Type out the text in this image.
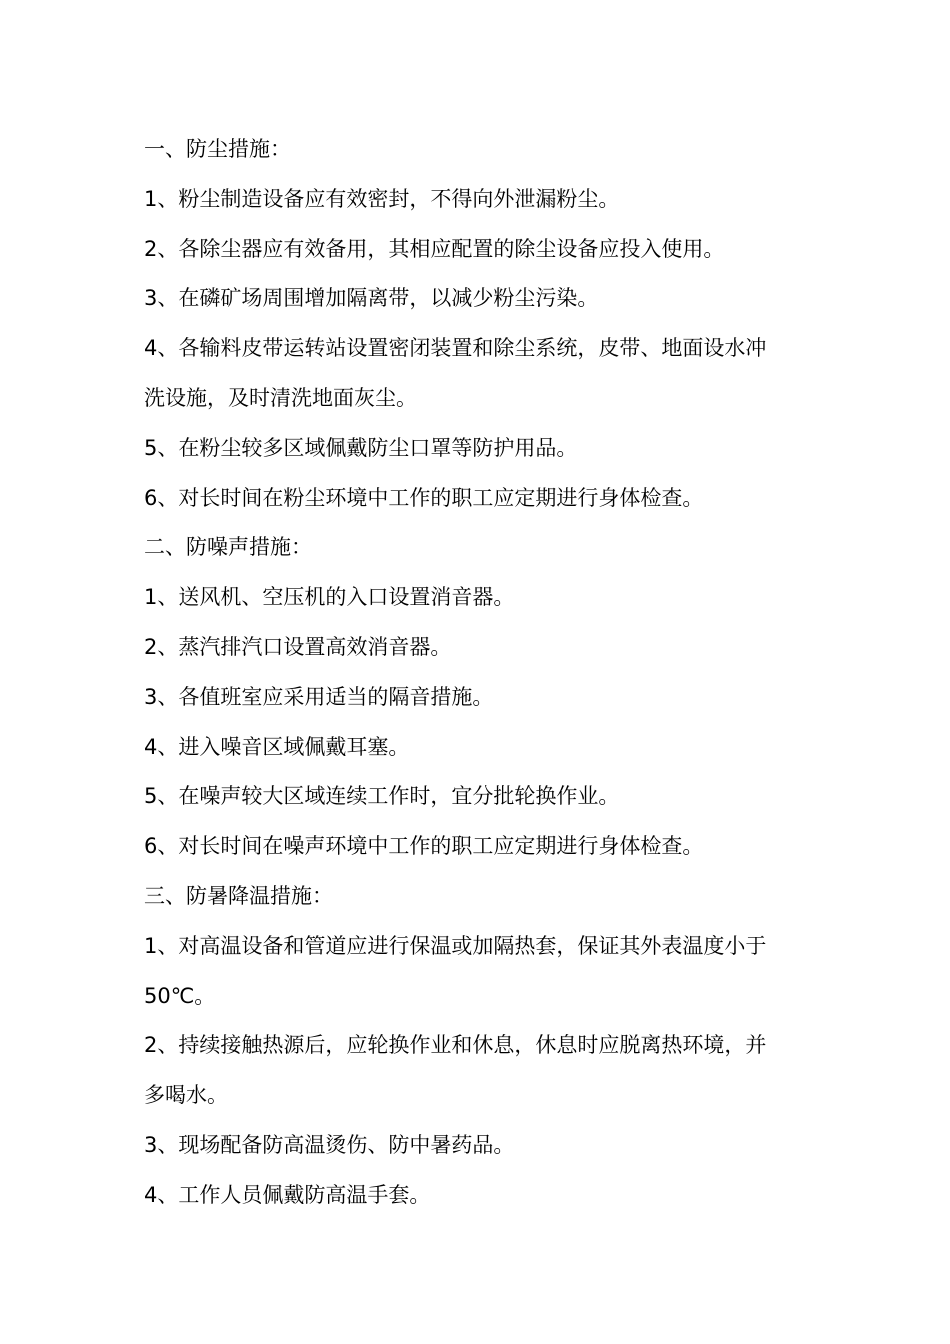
一、防尘措施：
1、粉尘制造设备应有效密封，不得向外泄漏粉尘。
2、各除尘器应有效备用，其相应配置的除尘设备应投入使用。
3、在磷矿场周围增加隔离带，以减少粉尘污染。
4、各输料皮带运转站设置密闭装置和除尘系统，皮带、地面设水冲
洗设施，及时清洗地面灰尘。
5、在粉尘较多区域佩戴防尘口罩等防护用品。
6、对长时间在粉尘环境中工作的职工应定期进行身体检查。
二、防噪声措施：
1、送风机、空压机的入口设置消音器。
2、蒸汽排汽口设置高效消音器。
3、各值班室应采用适当的隔音措施。
4、进入噪音区域佩戴耳塞。
5、在噪声较大区域连续工作时，宜分批轮换作业。
6、对长时间在噪声环境中工作的职工应定期进行身体检查。
三、防暑降温措施：
1、对高温设备和管道应进行保温或加隔热套，保证其外表温度小于
50℃。
2、持续接触热源后，应轮换作业和休息，休息时应脱离热环境，并
多喝水。
3、现场配备防高温烫伤、防中暑药品。
4、工作人员佩戴防高温手套。
